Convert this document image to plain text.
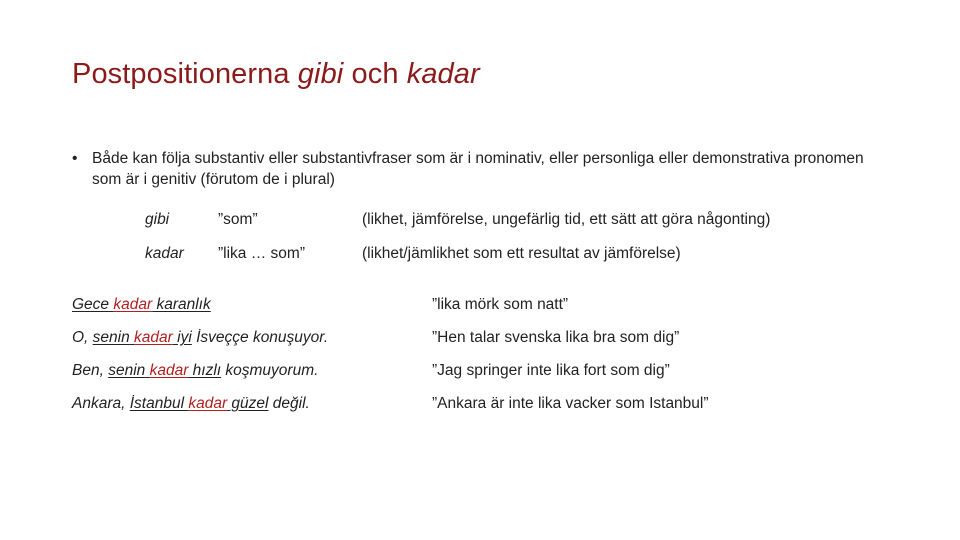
Postpositionerna gibi och kadar
• Både kan följa substantiv eller substantivfraser som är i nominativ, eller personliga eller demonstrativa pronomen som är i genitiv (förutom de i plural)
gibi	”som”	(likhet, jämförelse, ungefärlig tid, ett sätt att göra någonting)
kadar ”lika … som”	(likhet/jämlikhet som ett resultat av jämförelse)
Gece kadar karanlık	”lika mörk som natt”
O, senin kadar iyi İsveççe konuşuyor.	”Hen talar svenska lika bra som dig”
Ben, senin kadar hızlı koşmuyorum.	”Jag springer inte lika fort som dig”
Ankara, İstanbul kadar güzel değil.	”Ankara är inte lika vacker som Istanbul”
